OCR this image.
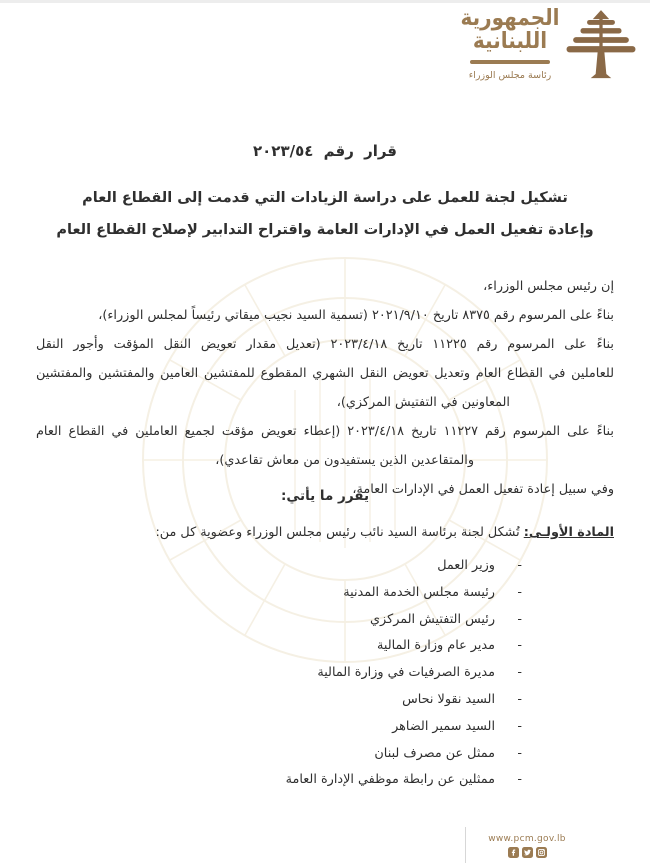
الجمهورية
اللبنانية
رئاسة مجلس الوزراء
قرار رقم ٢٠٢٣/٥٤
تشكيل لجنة للعمل على دراسة الزيادات التي قدمت إلى القطاع العام
وإعادة تفعيل العمل في الإدارات العامة واقتراح التدابير لإصلاح القطاع العام
إن رئيس مجلس الوزراء،
بناءً على المرسوم رقم ٨٣٧٥ تاريخ ٢٠٢١/٩/١٠ (تسمية السيد نجيب ميقاتي رئيساً لمجلس الوزراء)،
بناءً على المرسوم رقم ١١٢٢٥ تاريخ ٢٠٢٣/٤/١٨ (تعديل مقدار تعويض النقل المؤقت وأجور النقل
للعاملين في القطاع العام وتعديل تعويض النقل الشهري المقطوع للمفتشين العامين والمفتشين والمفتشين
المعاونين في التفتيش المركزي)،
بناءً على المرسوم رقم ١١٢٢٧ تاريخ ٢٠٢٣/٤/١٨ (إعطاء تعويض مؤقت لجميع العاملين في القطاع العام
والمتقاعدين الذين يستفيدون من معاش تقاعدي)،
وفي سبيل إعادة تفعيل العمل في الإدارات العامة،
يقرر ما يأتي:
المادة الأولـى: تُشكل لجنة برئاسة السيد نائب رئيس مجلس الوزراء وعضوية كل من:
-
وزير العمل
-
رئيسة مجلس الخدمة المدنية
-
رئيس التفتيش المركزي
-
مدير عام وزارة المالية
-
مديرة الصرفيات في وزارة المالية
-
السيد نقولا نحاس
-
السيد سمير الضاهر
-
ممثل عن مصرف لبنان
-
ممثلين عن رابطة موظفي الإدارة العامة
www.pcm.gov.lb
